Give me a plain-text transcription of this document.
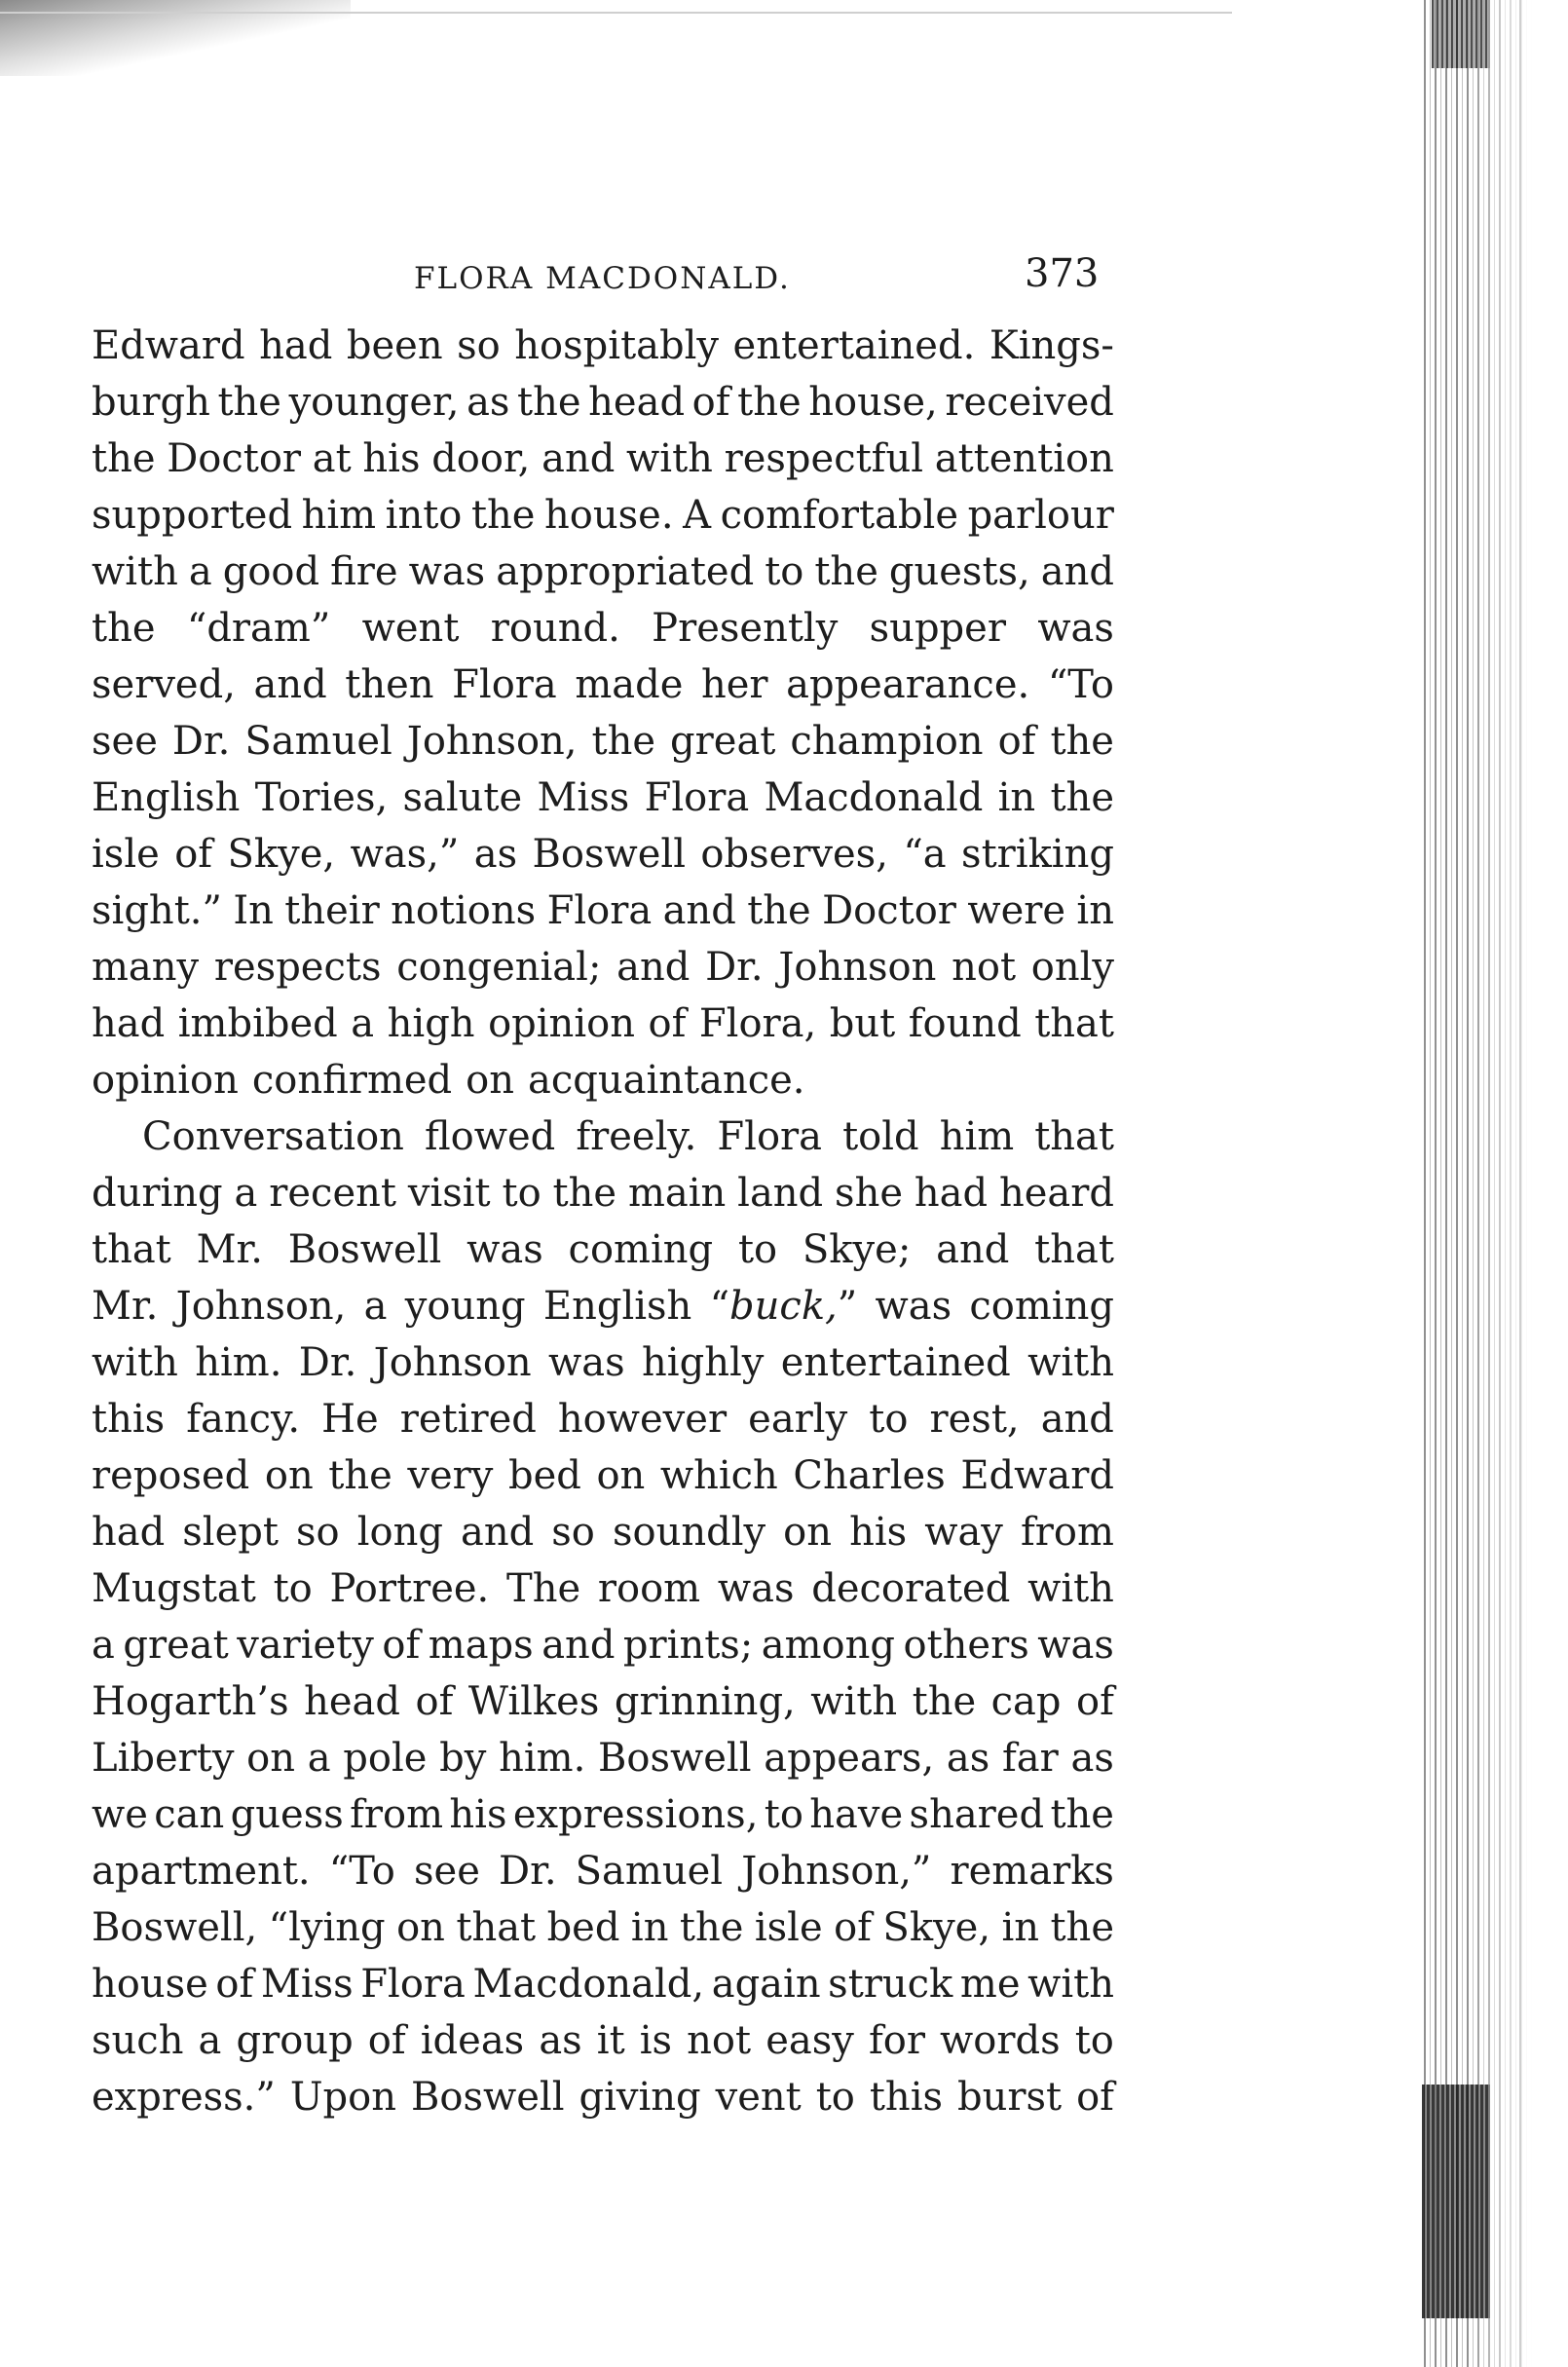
FLORA MACDONALD.	373
Edward had been so hospitably entertained. Kings-
burgh the younger, as the head of the house, received
the Doctor at his door, and with respectful attention
supported him into the house. A comfortable parlour
with a good fire was appropriated to the guests, and
the “dram” went round. Presently supper was
served, and then Flora made her appearance. “To
see Dr. Samuel Johnson, the great champion of the
English Tories, salute Miss Flora Macdonald in the
isle of Skye, was,” as Boswell observes, “a striking
sight.” In their notions Flora and the Doctor were in
many respects congenial; and Dr. Johnson not only
had imbibed a high opinion of Flora, but found that
opinion confirmed on acquaintance.
Conversation flowed freely. Flora told him that
during a recent visit to the main land she had heard
that Mr. Boswell was coming to Skye; and that
Mr. Johnson, a young English “buck,” was coming
with him. Dr. Johnson was highly entertained with
this fancy. He retired however early to rest, and
reposed on the very bed on which Charles Edward
had slept so long and so soundly on his way from
Mugstat to Portree. The room was decorated with
a great variety of maps and prints; among others was
Hogarth’s head of Wilkes grinning, with the cap of
Liberty on a pole by him. Boswell appears, as far as
we can guess from his expressions, to have shared the
apartment. “To see Dr. Samuel Johnson,” remarks
Boswell, “lying on that bed in the isle of Skye, in the
house of Miss Flora Macdonald, again struck me with
such a group of ideas as it is not easy for words to
express.” Upon Boswell giving vent to this burst of
